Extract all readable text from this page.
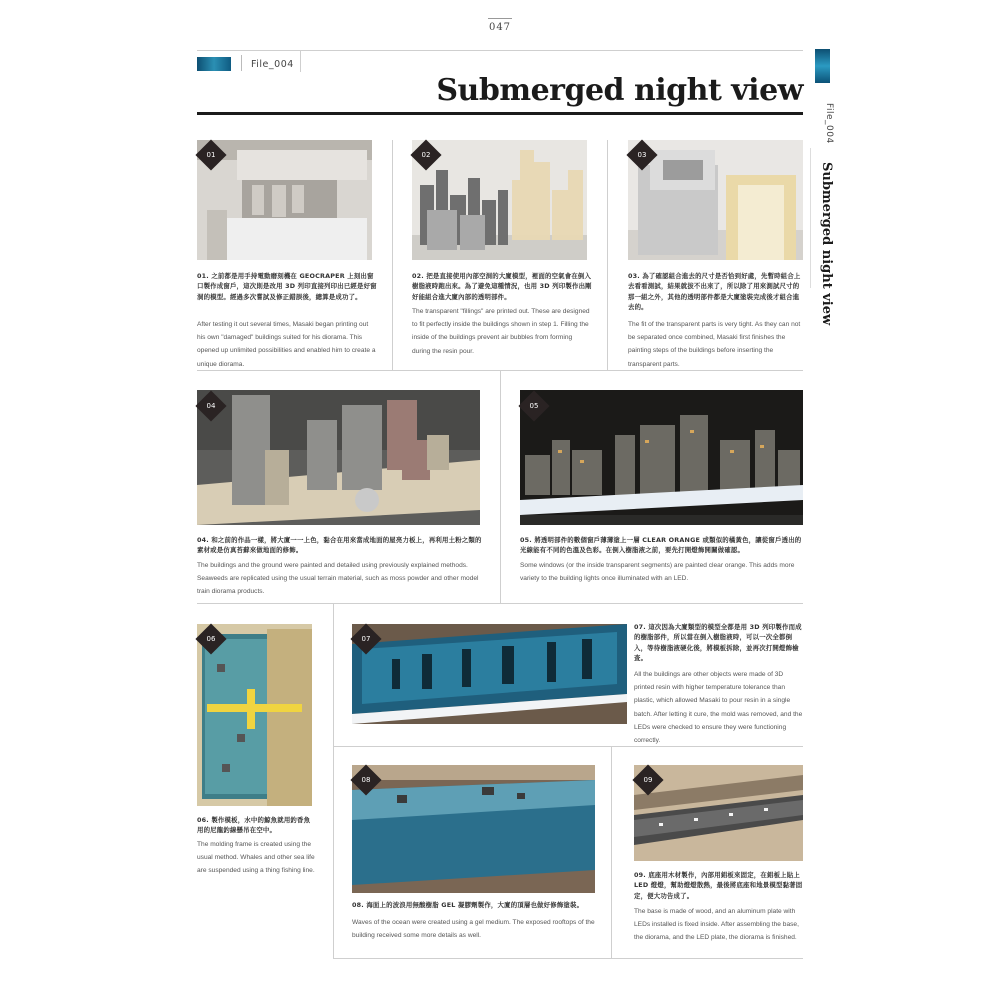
047
File_004
Submerged night view
File_004
Submerged night view
01
01. 之前都是用手持電動磨刻機在 GEOCRAPER 上刻出窗口製作成窗戶，這次則是改用 3D 列印直接列印出已經是好窗洞的模型。經過多次嘗試及修正錯誤後，總算是成功了。
After testing it out several times, Masaki began printing out his own "damaged" buildings suited for his diorama. This opened up unlimited possibilities and enabled him to create a unique diorama.
02
02. 把是直接使用內部空洞的大廈模型，裡面的空氣會在倒入樹脂液時跑出來。為了避免這種情況，也用 3D 列印製作出剛好能組合進大廈內部的透明部件。
The transparent "fillings" are printed out. These are designed to fit perfectly inside the buildings shown in step 1. Filling the inside of the buildings prevent air bubbles from forming during the resin pour.
03
03. 為了確認組合進去的尺寸是否恰到好處，先暫時組合上去看看測試，結果就拔不出來了，所以除了用來測試尺寸的那一組之外，其他的透明部件都是大廈塗裝完成後才組合進去的。
The fit of the transparent parts is very tight. As they can not be separated once combined, Masaki first finishes the painting steps of the buildings before inserting the transparent parts.
04
04. 和之前的作品一樣，將大廈一一上色，黏合在用來當成地面的屋亮力板上，再利用土粉之類的素材或是仿真苔蘚來做地面的修飾。
The buildings and the ground were painted and detailed using previously explained methods. Seaweeds are replicated using the usual terrain material, such as moss powder and other model train diorama products.
05
05. 將透明部件的數個窗戶薄薄塗上一層 CLEAR ORANGE 或類似的橘黃色，讓從窗戶透出的光線能有不同的色溫及色彩。在倒入樹脂液之前，要先打開燈飾開關做確認。
Some windows (or the inside transparent segments) are painted clear orange. This adds more variety to the building lights once illuminated with an LED.
06
06. 製作模板，水中的鯨魚就用釣香魚用的尼龍釣線懸吊在空中。
The molding frame is created using the usual method. Whales and other sea life are suspended using a thing fishing line.
07
07. 這次因為大廈類型的模型全都是用 3D 列印製作而成的樹脂部件，所以當在倒入樹脂液時，可以一次全都倒入，等待樹脂液硬化後，將模板拆除，並再次打開燈飾檢查。
All the buildings are other objects were made of 3D printed resin with higher temperature tolerance than plastic, which allowed Masaki to pour resin in a single batch. After letting it cure, the mold was removed, and the LEDs were checked to ensure they were functioning correctly.
08
08. 海面上的波浪用無酸樹脂 GEL 凝膠劑製作，大廈的頂層也做好修飾塗裝。
Waves of the ocean were created using a gel medium. The exposed rooftops of the building received some more details as well.
09
09. 底座用木材製作，內部用鋁板來固定，在鋁板上貼上 LED 燈燈，幫助燈燈散熱，最後將底座和地景模型黏著固定，便大功告成了。
The base is made of wood, and an aluminum plate with LEDs installed is fixed inside. After assembling the base, the diorama, and the LED plate, the diorama is finished.
